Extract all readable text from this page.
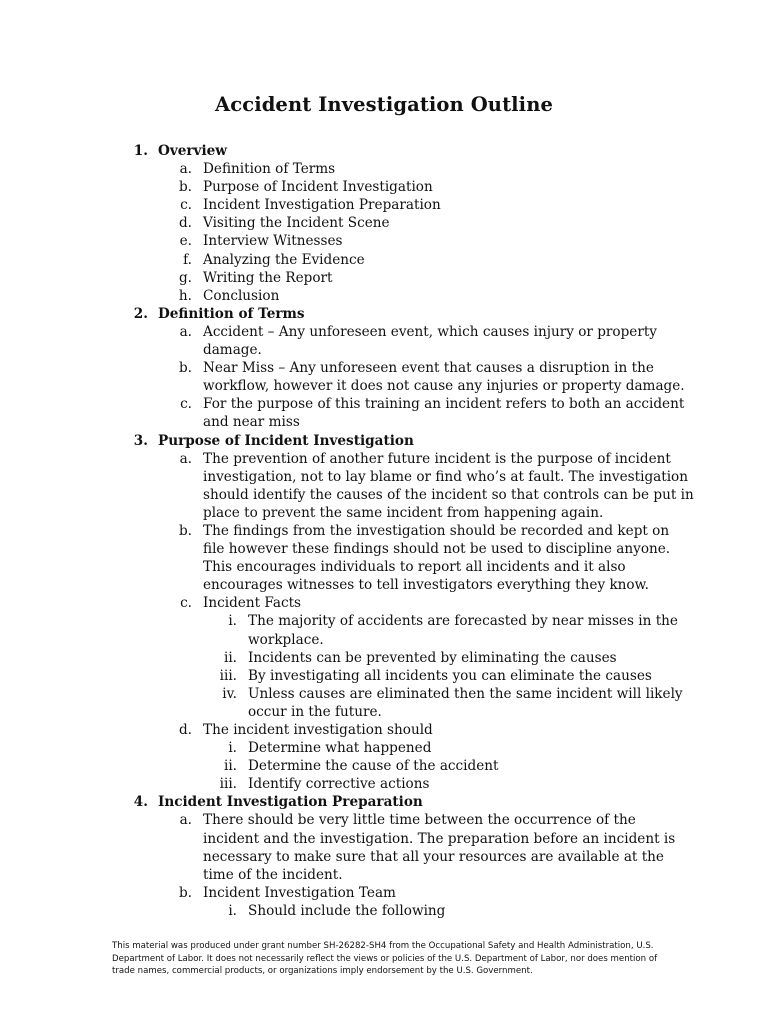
Accident Investigation Outline
1. Overview
a. Definition of Terms
b. Purpose of Incident Investigation
c. Incident Investigation Preparation
d. Visiting the Incident Scene
e. Interview Witnesses
f. Analyzing the Evidence
g. Writing the Report
h. Conclusion
2. Definition of Terms
a. Accident – Any unforeseen event, which causes injury or property
damage.
b. Near Miss – Any unforeseen event that causes a disruption in the
workflow, however it does not cause any injuries or property damage.
c. For the purpose of this training an incident refers to both an accident
and near miss
3. Purpose of Incident Investigation
a. The prevention of another future incident is the purpose of incident
investigation, not to lay blame or find who’s at fault. The investigation
should identify the causes of the incident so that controls can be put in
place to prevent the same incident from happening again.
b. The findings from the investigation should be recorded and kept on
file however these findings should not be used to discipline anyone.
This encourages individuals to report all incidents and it also
encourages witnesses to tell investigators everything they know.
c. Incident Facts
i. The majority of accidents are forecasted by near misses in the
workplace.
ii. Incidents can be prevented by eliminating the causes
iii. By investigating all incidents you can eliminate the causes
iv. Unless causes are eliminated then the same incident will likely
occur in the future.
d. The incident investigation should
i. Determine what happened
ii. Determine the cause of the accident
iii. Identify corrective actions
4. Incident Investigation Preparation
a. There should be very little time between the occurrence of the
incident and the investigation. The preparation before an incident is
necessary to make sure that all your resources are available at the
time of the incident.
b. Incident Investigation Team
i. Should include the following
This material was produced under grant number SH-26282-SH4 from the Occupational Safety and Health Administration, U.S.
Department of Labor. It does not necessarily reflect the views or policies of the U.S. Department of Labor, nor does mention of
trade names, commercial products, or organizations imply endorsement by the U.S. Government.
